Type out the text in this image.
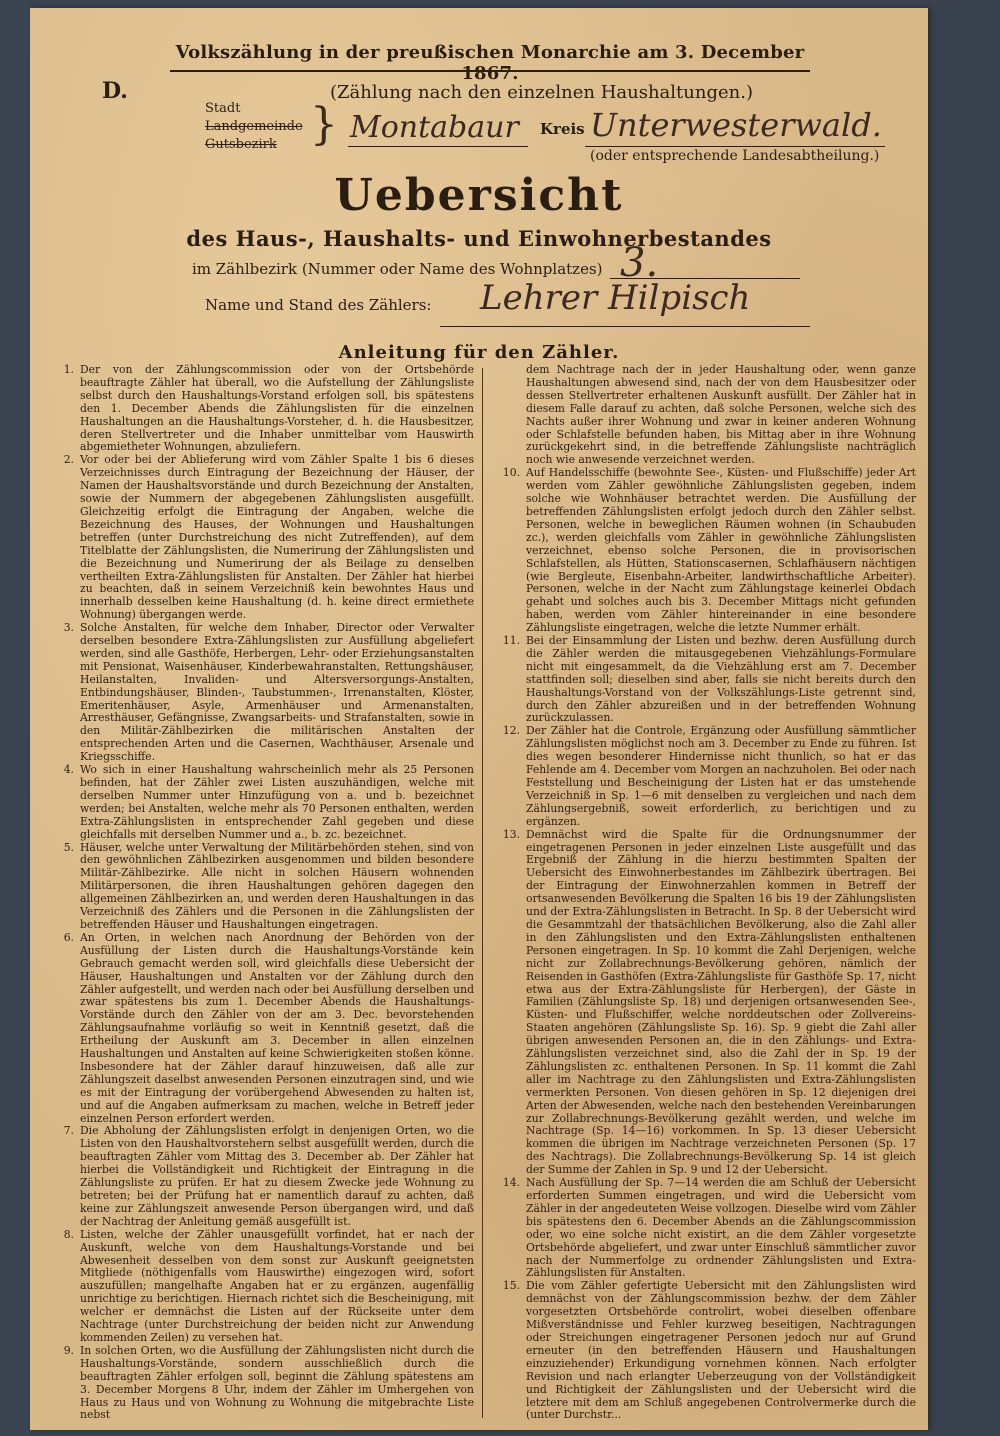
Volkszählung in der preußischen Monarchie am 3. December 1867.
D.	(Zählung nach den einzelnen Haushaltungen.)
Stadt
Landgemeinde
Gutsbezirk } Montabaur Kreis Unterwesterwald.
(oder entsprechende Landesabtheilung.)
Uebersicht
des Haus-, Haushalts- und Einwohnerbestandes
im Zählbezirk (Nummer oder Name des Wohnplatzes) 3.
Name und Stand des Zählers: Lehrer Hilpisch
Anleitung für den Zähler.
1. Der von der Zählungscommission oder von der Ortsbehörde beauftragte Zähler hat überall, wo die Aufstellung der Zählungsliste selbst durch den Haushaltungs-Vorstand erfolgen soll, bis spätestens den 1. December Abends die Zählungslisten für die einzelnen Haushaltungen an die Haushaltungs-Vorsteher, d. h. die Hausbesitzer, deren Stellvertreter und die Inhaber unmittelbar vom Hauswirth abgemietheter Wohnungen, abzuliefern.
2. Vor oder bei der Ablieferung wird vom Zähler Spalte 1 bis 6 dieses Verzeichnisses durch Eintragung der Bezeichnung der Häuser, der Namen der Haushaltsvorstände und durch Bezeichnung der Anstalten, sowie der Nummern der abgegebenen Zählungslisten ausgefüllt. Gleichzeitig erfolgt die Eintragung der Angaben, welche die Bezeichnung des Hauses, der Wohnungen und Haushaltungen betreffen (unter Durchstreichung des nicht Zutreffenden), auf dem Titelblatte der Zählungslisten, die Numerirung der Zählungslisten und die Bezeichnung und Numerirung der als Beilage zu denselben vertheilten Extra-Zählungslisten für Anstalten. Der Zähler hat hierbei zu beachten, daß in seinem Verzeichniß kein bewohntes Haus und innerhalb desselben keine Haushaltung (d. h. keine direct ermiethete Wohnung) übergangen werde.
3. Solche Anstalten, für welche dem Inhaber, Director oder Verwalter derselben besondere Extra-Zählungslisten zur Ausfüllung abgeliefert werden, sind alle Gasthöfe, Herbergen, Lehr- oder Erziehungsanstalten mit Pensionat, Waisenhäuser, Kinderbewahranstalten, Rettungshäuser, Heilanstalten, Invaliden- und Altersversorgungs-Anstalten, Entbindungshäuser, Blinden-, Taubstummen-, Irrenanstalten, Klöster, Emeritenhäuser, Asyle, Armenhäuser und Armenanstalten, Arresthäuser, Gefängnisse, Zwangsarbeits- und Strafanstalten, sowie in den Militär-Zählbezirken die militärischen Anstalten der entsprechenden Arten und die Casernen, Wachthäuser, Arsenale und Kriegsschiffe.
4. Wo sich in einer Haushaltung wahrscheinlich mehr als 25 Personen befinden, hat der Zähler zwei Listen auszuhändigen, welche mit derselben Nummer unter Hinzufügung von a. und b. bezeichnet werden; bei Anstalten, welche mehr als 70 Personen enthalten, werden Extra-Zählungslisten in entsprechender Zahl gegeben und diese gleichfalls mit derselben Nummer und a., b. zc. bezeichnet.
5. Häuser, welche unter Verwaltung der Militärbehörden stehen, sind von den gewöhnlichen Zählbezirken ausgenommen und bilden besondere Militär-Zählbezirke. Alle nicht in solchen Häusern wohnenden Militärpersonen, die ihren Haushaltungen gehören dagegen den allgemeinen Zählbezirken an, und werden deren Haushaltungen in das Verzeichniß des Zählers und die Personen in die Zählungslisten der betreffenden Häuser und Haushaltungen eingetragen.
6. An Orten, in welchen nach Anordnung der Behörden von der Ausfüllung der Listen durch die Haushaltungs-Vorstände kein Gebrauch gemacht werden soll, wird gleichfalls diese Uebersicht der Häuser, Haushaltungen und Anstalten vor der Zählung durch den Zähler aufgestellt, und werden nach oder bei Ausfüllung derselben und zwar spätestens bis zum 1. December Abends die Haushaltungs-Vorstände durch den Zähler von der am 3. Dec. bevorstehenden Zählungsaufnahme vorläufig so weit in Kenntniß gesetzt, daß die Ertheilung der Auskunft am 3. December in allen einzelnen Haushaltungen und Anstalten auf keine Schwierigkeiten stoßen könne. Insbesondere hat der Zähler darauf hinzuweisen, daß alle zur Zählungszeit daselbst anwesenden Personen einzutragen sind, und wie es mit der Eintragung der vorübergehend Abwesenden zu halten ist, und auf die Angaben aufmerksam zu machen, welche in Betreff jeder einzelnen Person erfordert werden.
7. Die Abholung der Zählungslisten erfolgt in denjenigen Orten, wo die Listen von den Haushaltvorstehern selbst ausgefüllt werden, durch die beauftragten Zähler vom Mittag des 3. December ab. Der Zähler hat hierbei die Vollständigkeit und Richtigkeit der Eintragung in die Zählungsliste zu prüfen. Er hat zu diesem Zwecke jede Wohnung zu betreten; bei der Prüfung hat er namentlich darauf zu achten, daß keine zur Zählungszeit anwesende Person übergangen wird, und daß der Nachtrag der Anleitung gemäß ausgefüllt ist.
8. Listen, welche der Zähler unausgefüllt vorfindet, hat er nach der Auskunft, welche von dem Haushaltungs-Vorstande und bei Abwesenheit desselben von dem sonst zur Auskunft geeignetsten Mitgliede (nöthigenfalls vom Hauswirthe) eingezogen wird, sofort auszufüllen; mangelhafte Angaben hat er zu ergänzen, augenfällig unrichtige zu berichtigen. Hiernach richtet sich die Bescheinigung, mit welcher er demnächst die Listen auf der Rückseite unter dem Nachtrage (unter Durchstreichung der beiden nicht zur Anwendung kommenden Zeilen) zu versehen hat.
9. In solchen Orten, wo die Ausfüllung der Zählungslisten nicht durch die Haushaltungs-Vorstände, sondern ausschließlich durch die beauftragten Zähler erfolgen soll, beginnt die Zählung spätestens am 3. December Morgens 8 Uhr, indem der Zähler im Umhergehen von Haus zu Haus und von Wohnung zu Wohnung die mitgebrachte Liste nebst
dem Nachtrage nach der in jeder Haushaltung oder, wenn ganze Haushaltungen abwesend sind, nach der von dem Hausbesitzer oder dessen Stellvertreter erhaltenen Auskunft ausfüllt. Der Zähler hat in diesem Falle darauf zu achten, daß solche Personen, welche sich des Nachts außer ihrer Wohnung und zwar in keiner anderen Wohnung oder Schlafstelle befunden haben, bis Mittag aber in ihre Wohnung zurückgekehrt sind, in die betreffende Zählungsliste nachträglich noch wie anwesende verzeichnet werden.
10. Auf Handelsschiffe (bewohnte See-, Küsten- und Flußschiffe) jeder Art werden vom Zähler gewöhnliche Zählungslisten gegeben, indem solche wie Wohnhäuser betrachtet werden. Die Ausfüllung der betreffenden Zählungslisten erfolgt jedoch durch den Zähler selbst. Personen, welche in beweglichen Räumen wohnen (in Schaubuden zc.), werden gleichfalls vom Zähler in gewöhnliche Zählungslisten verzeichnet, ebenso solche Personen, die in provisorischen Schlafstellen, als Hütten, Stationscasernen, Schlafhäusern nächtigen (wie Bergleute, Eisenbahn-Arbeiter, landwirthschaftliche Arbeiter). Personen, welche in der Nacht zum Zählungstage keinerlei Obdach gehabt und solches auch bis 3. December Mittags nicht gefunden haben, werden vom Zähler hintereinander in eine besondere Zählungsliste eingetragen, welche die letzte Nummer erhält.
11. Bei der Einsammlung der Listen und bezhw. deren Ausfüllung durch die Zähler werden die mitausgegebenen Viehzählungs-Formulare nicht mit eingesammelt, da die Viehzählung erst am 7. December stattfinden soll; dieselben sind aber, falls sie nicht bereits durch den Haushaltungs-Vorstand von der Volkszählungs-Liste getrennt sind, durch den Zähler abzureißen und in der betreffenden Wohnung zurückzulassen.
12. Der Zähler hat die Controle, Ergänzung oder Ausfüllung sämmtlicher Zählungslisten möglichst noch am 3. December zu Ende zu führen. Ist dies wegen besonderer Hindernisse nicht thunlich, so hat er das Fehlende am 4. December vom Morgen an nachzuholen. Bei oder nach Feststellung und Bescheinigung der Listen hat er das umstehende Verzeichniß in Sp. 1—6 mit denselben zu vergleichen und nach dem Zählungsergebniß, soweit erforderlich, zu berichtigen und zu ergänzen.
13. Demnächst wird die Spalte für die Ordnungsnummer der eingetragenen Personen in jeder einzelnen Liste ausgefüllt und das Ergebniß der Zählung in die hierzu bestimmten Spalten der Uebersicht des Einwohnerbestandes im Zählbezirk übertragen. Bei der Eintragung der Einwohnerzahlen kommen in Betreff der ortsanwesenden Bevölkerung die Spalten 16 bis 19 der Zählungslisten und der Extra-Zählungslisten in Betracht. In Sp. 8 der Uebersicht wird die Gesammtzahl der thatsächlichen Bevölkerung, also die Zahl aller in den Zählungslisten und den Extra-Zählungslisten enthaltenen Personen eingetragen. In Sp. 10 kommt die Zahl Derjenigen, welche nicht zur Zollabrechnungs-Bevölkerung gehören, nämlich der Reisenden in Gasthöfen (Extra-Zählungsliste für Gasthöfe Sp. 17, nicht etwa aus der Extra-Zählungsliste für Herbergen), der Gäste in Familien (Zählungsliste Sp. 18) und derjenigen ortsanwesenden See-, Küsten- und Flußschiffer, welche norddeutschen oder Zollvereins-Staaten angehören (Zählungsliste Sp. 16). Sp. 9 giebt die Zahl aller übrigen anwesenden Personen an, die in den Zählungs- und Extra-Zählungslisten verzeichnet sind, also die Zahl der in Sp. 19 der Zählungslisten zc. enthaltenen Personen. In Sp. 11 kommt die Zahl aller im Nachtrage zu den Zählungslisten und Extra-Zählungslisten vermerkten Personen. Von diesen gehören in Sp. 12 diejenigen drei Arten der Abwesenden, welche nach den bestehenden Vereinbarungen zur Zollabrechnungs-Bevölkerung gezählt werden, und welche im Nachtrage (Sp. 14—16) vorkommen. In Sp. 13 dieser Uebersicht kommen die übrigen im Nachtrage verzeichneten Personen (Sp. 17 des Nachtrags). Die Zollabrechnungs-Bevölkerung Sp. 14 ist gleich der Summe der Zahlen in Sp. 9 und 12 der Uebersicht.
14. Nach Ausfüllung der Sp. 7—14 werden die am Schluß der Uebersicht erforderten Summen eingetragen, und wird die Uebersicht vom Zähler in der angedeuteten Weise vollzogen. Dieselbe wird vom Zähler bis spätestens den 6. December Abends an die Zählungscommission oder, wo eine solche nicht existirt, an die dem Zähler vorgesetzte Ortsbehörde abgeliefert, und zwar unter Einschluß sämmtlicher zuvor nach der Nummerfolge zu ordnender Zählungslisten und Extra-Zählungslisten für Anstalten.
15. Die vom Zähler gefertigte Uebersicht mit den Zählungslisten wird demnächst von der Zählungscommission bezhw. der dem Zähler vorgesetzten Ortsbehörde controlirt, wobei dieselben offenbare Mißverständnisse und Fehler kurzweg beseitigen, Nachtragungen oder Streichungen eingetragener Personen jedoch nur auf Grund erneuter (in den betreffenden Häusern und Haushaltungen einzuziehender) Erkundigung vornehmen können. Nach erfolgter Revision und nach erlangter Ueberzeugung von der Vollständigkeit und Richtigkeit der Zählungslisten und der Uebersicht wird die letztere mit dem am Schluß angegebenen Controlvermerke durch die (unter Durchstr...
